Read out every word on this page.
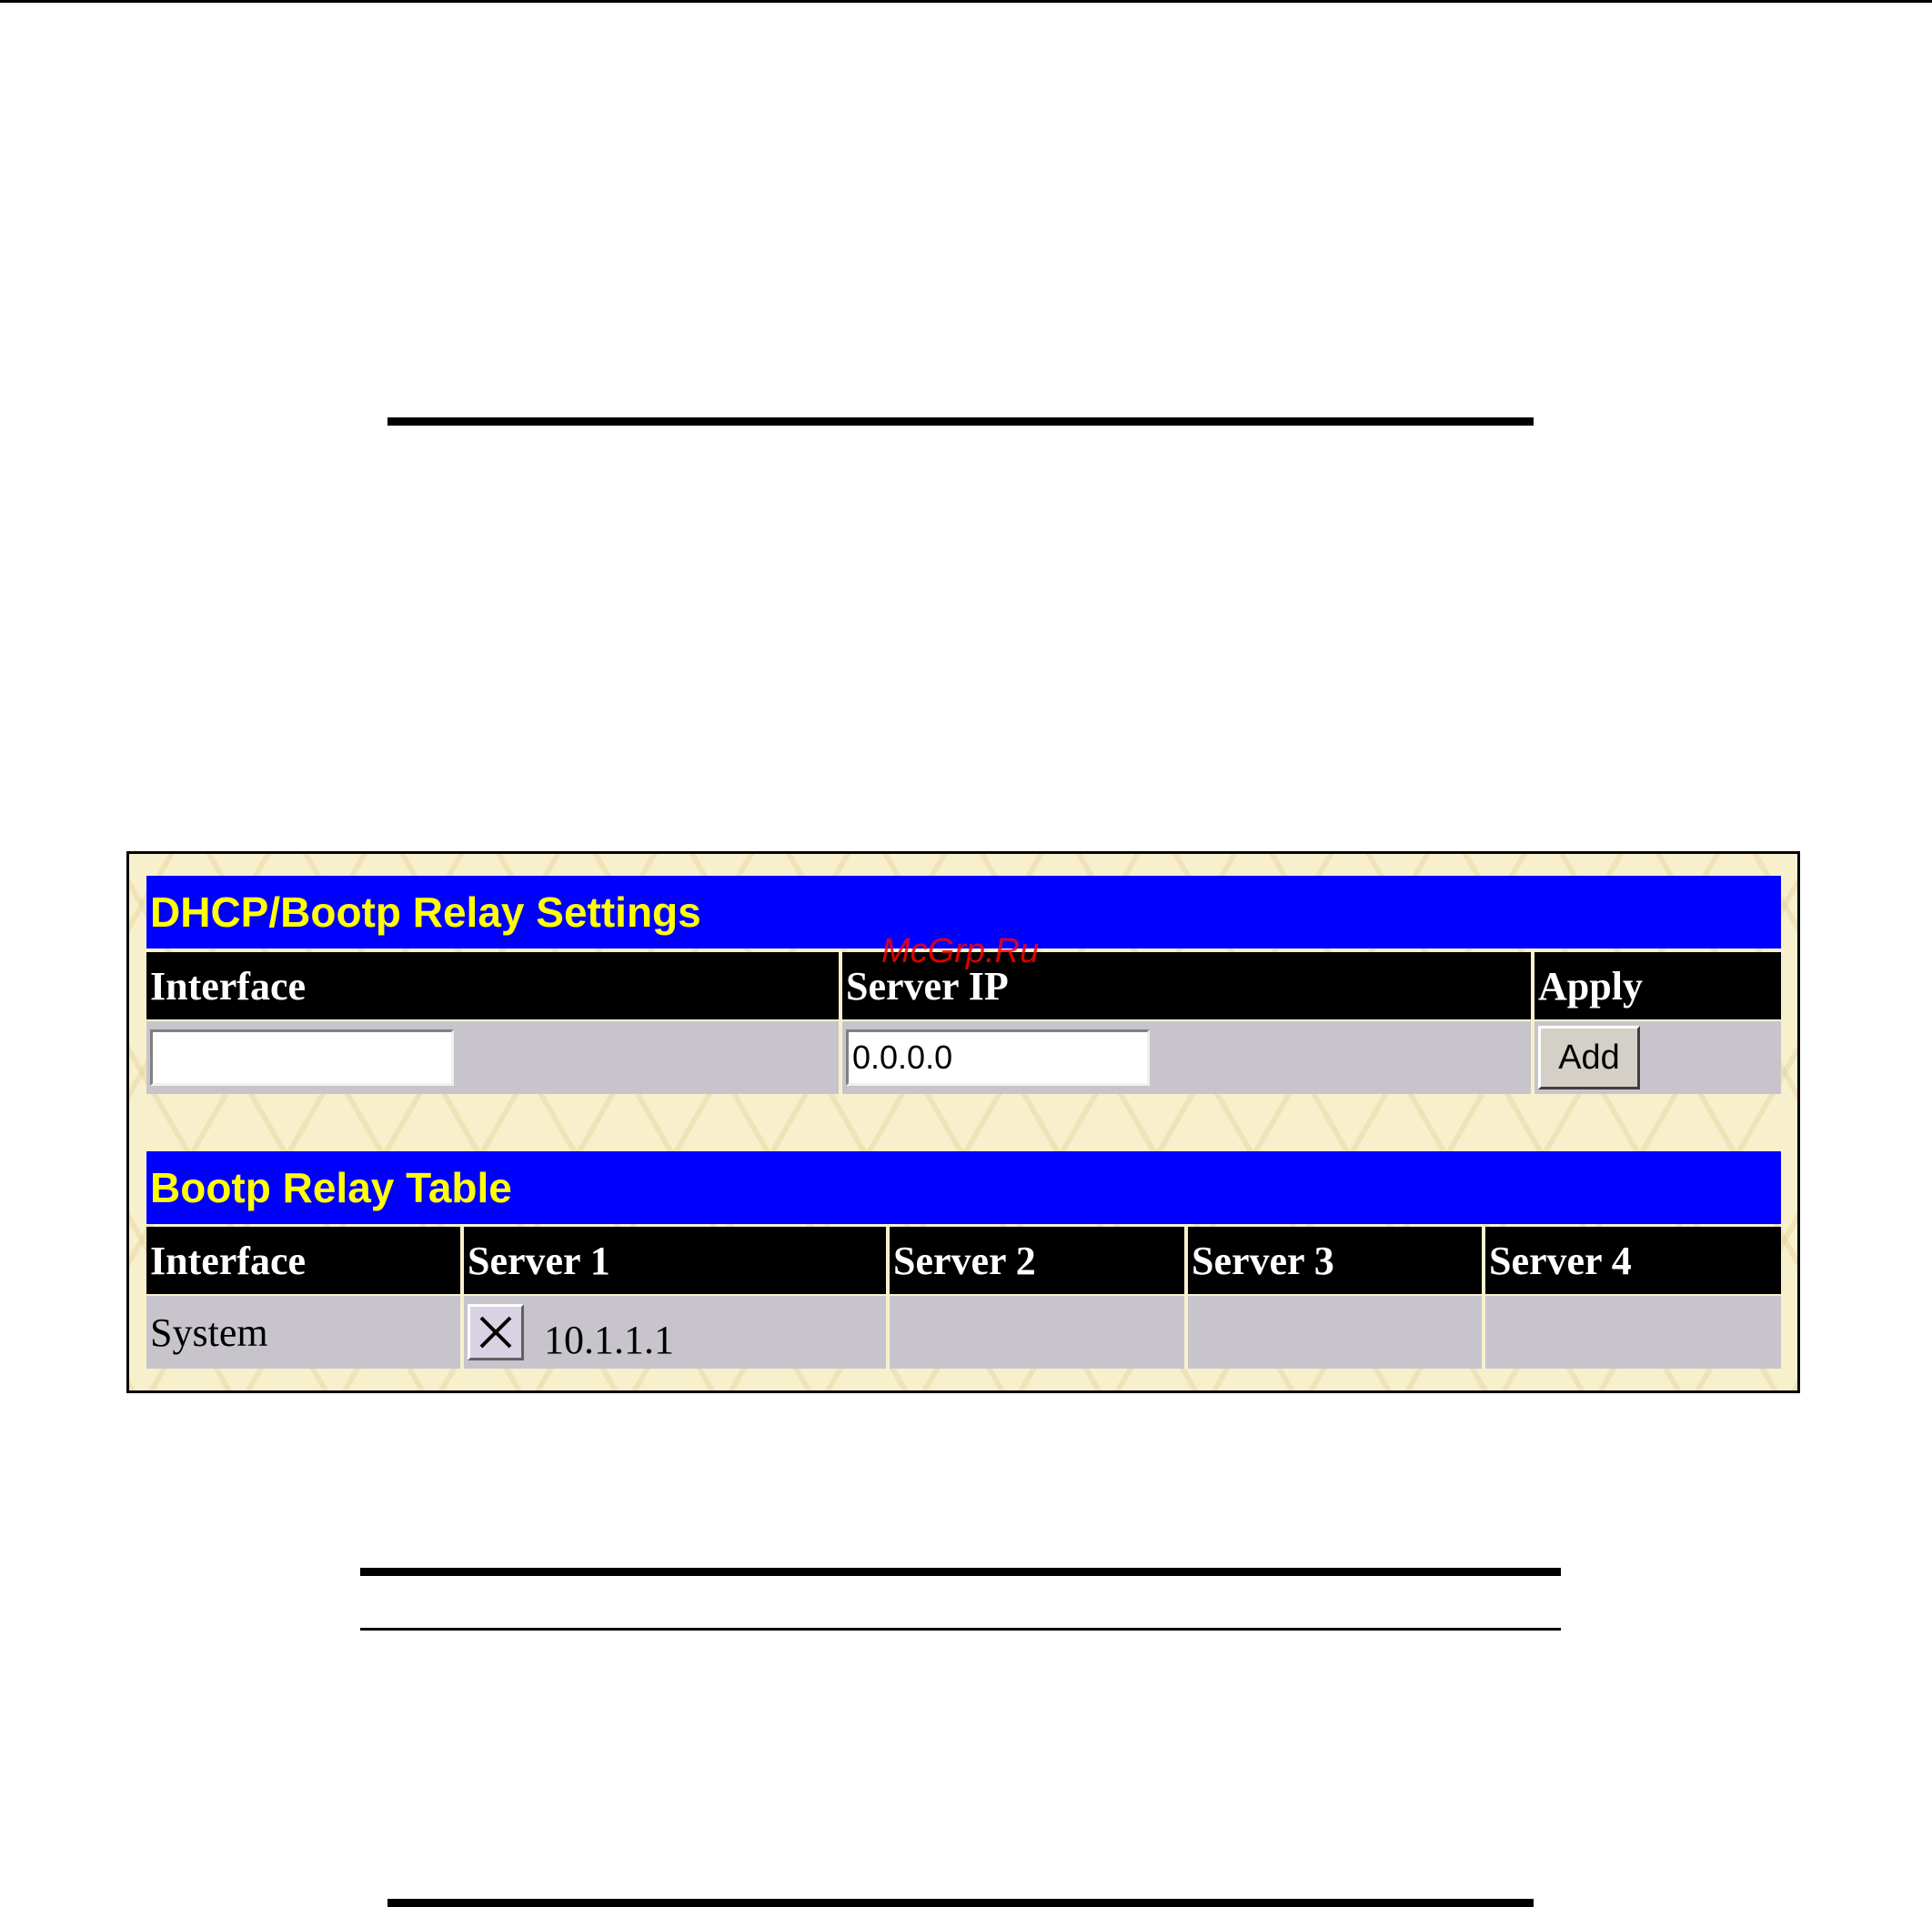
DHCP/Bootp Relay Settings
Interface	Server IP	Apply
	0.0.0.0	Add
Bootp Relay Table
Interface	Server 1	Server 2	Server 3	Server 4
System	10.1.1.1			
McGrp.Ru
